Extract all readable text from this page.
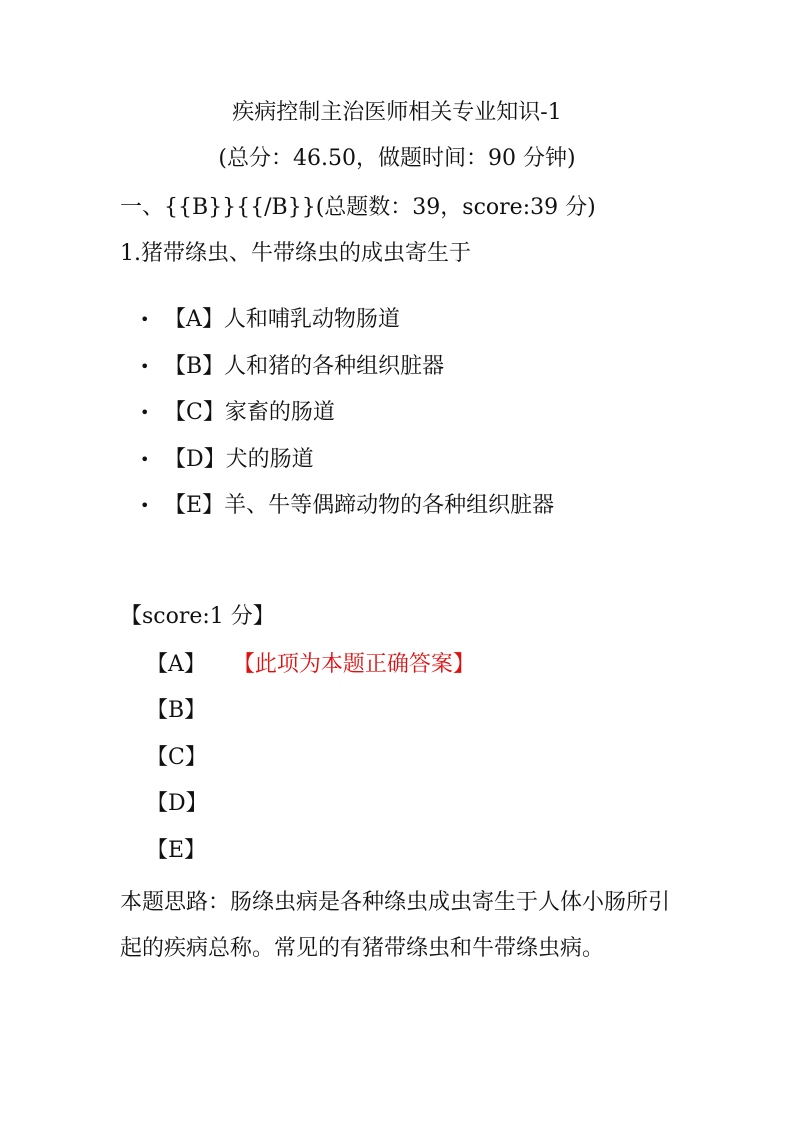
疾病控制主治医师相关专业知识-1
(总分：46.50，做题时间：90 分钟)
一、{{B}}{{/B}}(总题数：39，score:39 分)
1.猪带绦虫、牛带绦虫的成虫寄生于
• 【A】人和哺乳动物肠道
• 【B】人和猪的各种组织脏器
• 【C】家畜的肠道
• 【D】犬的肠道
• 【E】羊、牛等偶蹄动物的各种组织脏器
【score:1 分】
【A】 【此项为本题正确答案】
【B】
【C】
【D】
【E】
本题思路：肠绦虫病是各种绦虫成虫寄生于人体小肠所引起的疾病总称。常见的有猪带绦虫和牛带绦虫病。
